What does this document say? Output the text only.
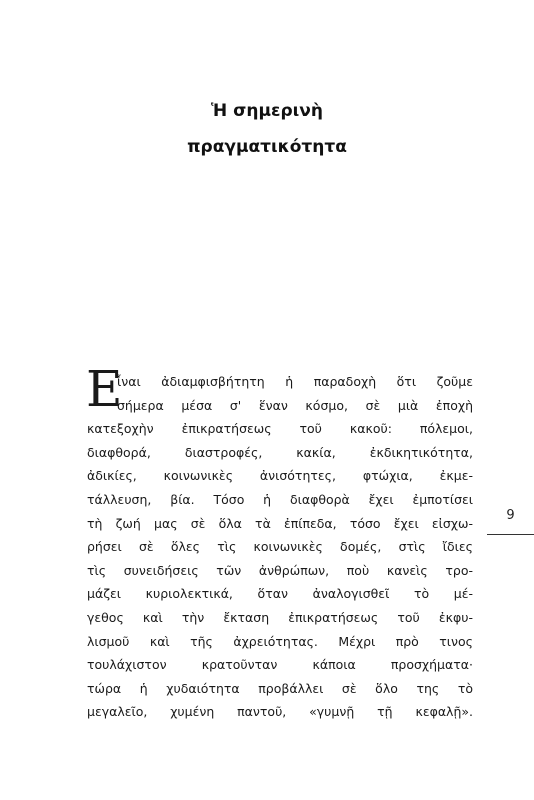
Ἡ σημερινὴ
πραγματικότητα
Ε
ἶναι ἀδιαμφισβήτητη ἡ παραδοχὴ ὅτι ζοῦμε
σήμερα μέσα σ' ἕναν κόσμο, σὲ μιὰ ἐποχὴ
κατεξοχὴν ἐπικρατήσεως τοῦ κακοῦ: πόλεμοι,
διαφθορά, διαστροφές, κακία, ἐκδικητικότητα,
ἀδικίες, κοινωνικὲς ἀνισότητες, φτώχια, ἐκμε-
τάλλευση, βία. Τόσο ἡ διαφθορὰ ἔχει ἐμποτίσει
τὴ ζωή μας σὲ ὅλα τὰ ἐπίπεδα, τόσο ἔχει εἰσχω-
ρήσει σὲ ὅλες τὶς κοινωνικὲς δομές, στὶς ἴδιες
τὶς συνειδήσεις τῶν ἀνθρώπων, ποὺ κανεὶς τρο-
μάζει κυριολεκτικά, ὅταν ἀναλογισθεῖ τὸ μέ-
γεθος καὶ τὴν ἔκταση ἐπικρατήσεως τοῦ ἐκφυ-
λισμοῦ καὶ τῆς ἀχρειότητας. Μέχρι πρὸ τινος
τουλάχιστον κρατοῦνταν κάποια προσχήματα·
τώρα ἡ χυδαιότητα προβάλλει σὲ ὅλο της τὸ
μεγαλεῖο, χυμένη παντοῦ, «γυμνῇ τῇ κεφαλῇ».
9
